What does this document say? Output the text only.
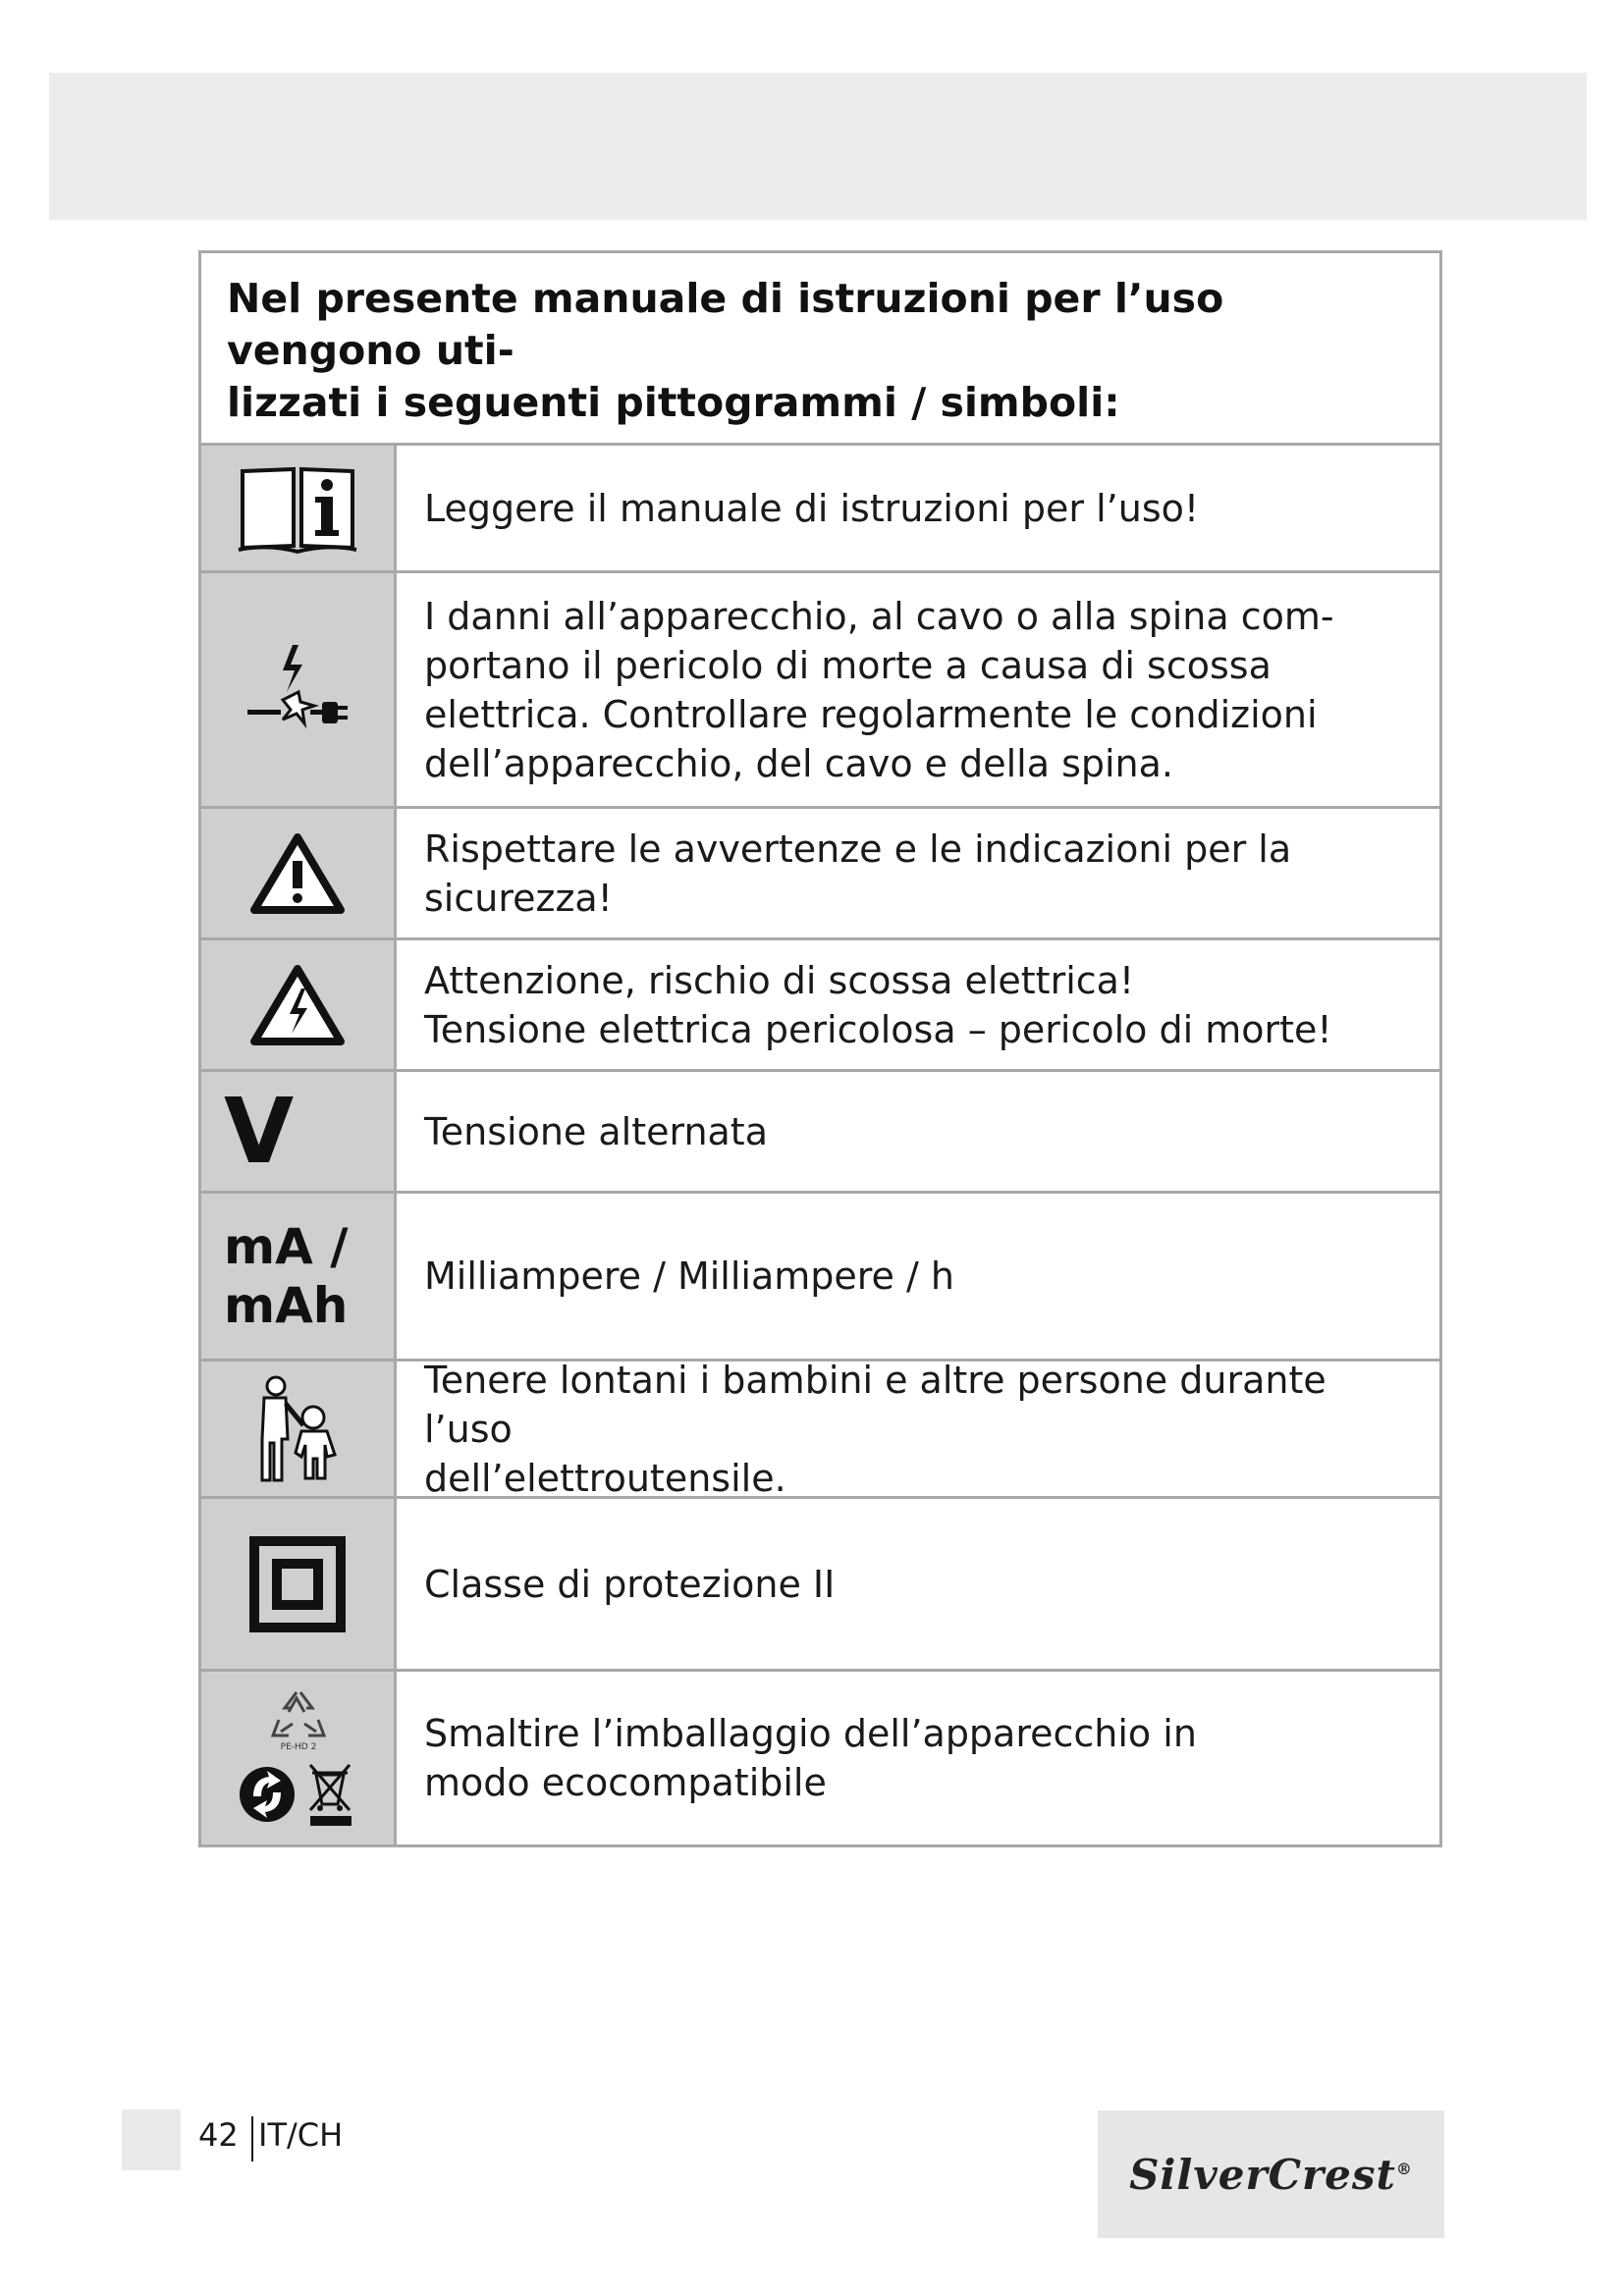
Nel presente manuale di istruzioni per l’uso vengono uti-
lizzati i seguenti pittogrammi / simboli:
Leggere il manuale di istruzioni per l’uso!
I danni all’apparecchio, al cavo o alla spina com-
portano il pericolo di morte a causa di scossa
elettrica. Controllare regolarmente le condizioni
dell’apparecchio, del cavo e della spina.
Rispettare le avvertenze e le indicazioni per la sicurezza!
Attenzione, rischio di scossa elettrica!
Tensione elettrica pericolosa – pericolo di morte!
V	Tensione alternata
mA /
mAh
Milliampere / Milliampere / h
Tenere lontani i bambini e altre persone durante l’uso
dell’elettroutensile.
Classe di protezione II
PE-HD 2	Smaltire l’imballaggio dell’apparecchio in
modo ecocompatibile
42 IT/CH
SilverCrest®
